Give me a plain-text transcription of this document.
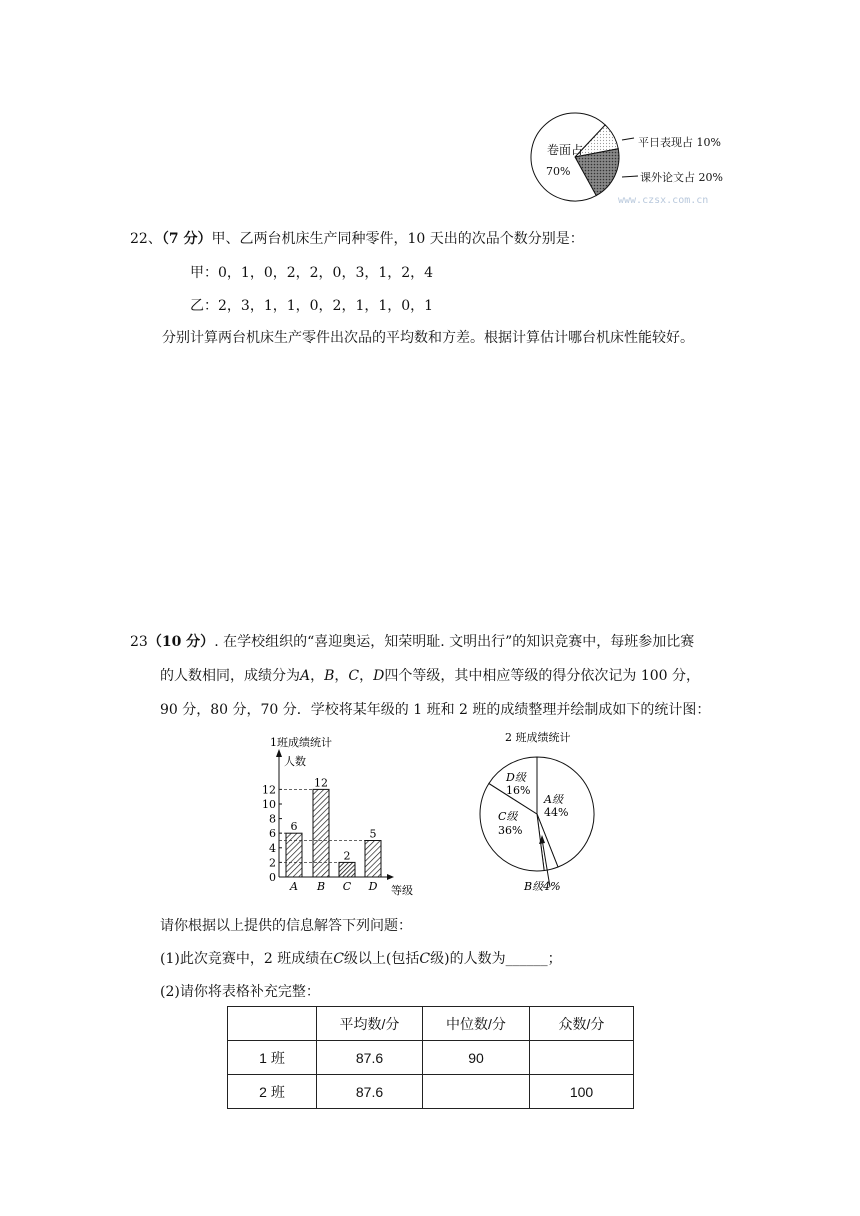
卷面占
70%
平日表现占 10%
课外论文占 20%
www.czsx.com.cn
22、（7 分）甲、乙两台机床生产同种零件，10 天出的次品个数分别是：
甲：0，1，0，2，2，0，3，1，2，4
乙：2，3，1，1，0，2，1，1，0，1
分别计算两台机床生产零件出次品的平均数和方差。根据计算估计哪台机床性能较好。
23（10 分）. 在学校组织的“喜迎奥运，知荣明耻. 文明出行”的知识竞赛中，每班参加比赛
的人数相同，成绩分为A，B，C，D四个等级，其中相应等级的得分依次记为 100 分，
90 分，80 分，70 分．学校将某年级的 1 班和 2 班的成绩整理并绘制成如下的统计图：
1班成绩统计
人数
等级
0
2
4
6
8
10
12
6
A
12
B
2
C
5
D
2 班成绩统计
D级
16%
A级
44%
C级
36%
B级4%
请你根据以上提供的信息解答下列问题：
(1)此次竞赛中，2 班成绩在C级以上(包括C级)的人数为______；
(2)请你将表格补充完整：
	平均数/分	中位数/分	众数/分
1 班	87.6	90	
2 班	87.6		100
